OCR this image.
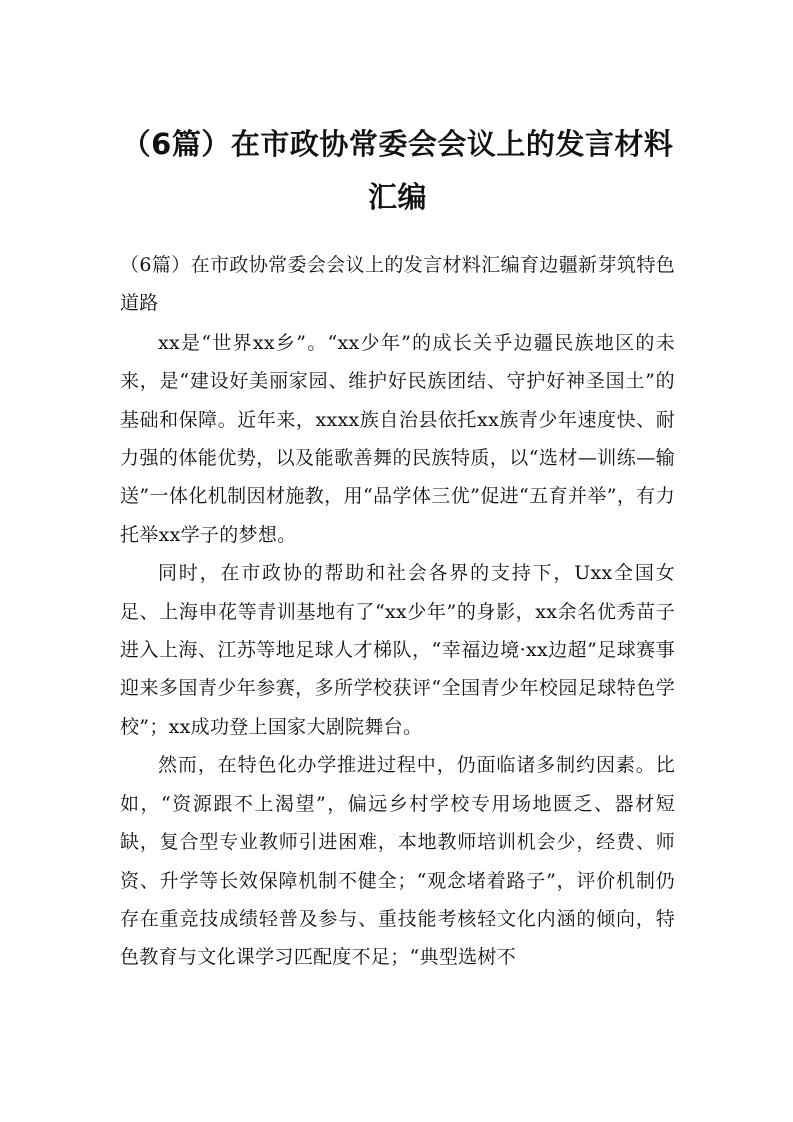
（6篇）在市政协常委会会议上的发言材料
汇编

（6篇）在市政协常委会会议上的发言材料汇编育边疆新芽筑特色道路

xx是“世界xx乡”。“xx少年”的成长关乎边疆民族地区的未来，是“建设好美丽家园、维护好民族团结、守护好神圣国土”的基础和保障。近年来，xxxx族自治县依托xx族青少年速度快、耐力强的体能优势，以及能歌善舞的民族特质，以“选材—训练—输送”一体化机制因材施教，用“品学体三优”促进“五育并举”，有力托举xx学子的梦想。

同时，在市政协的帮助和社会各界的支持下，Uxx全国女足、上海申花等青训基地有了“xx少年”的身影，xx余名优秀苗子进入上海、江苏等地足球人才梯队，“幸福边境·xx边超”足球赛事迎来多国青少年参赛，多所学校获评“全国青少年校园足球特色学校”；xx成功登上国家大剧院舞台。

然而，在特色化办学推进过程中，仍面临诸多制约因素。比如，“资源跟不上渴望”，偏远乡村学校专用场地匮乏、器材短缺，复合型专业教师引进困难，本地教师培训机会少，经费、师资、升学等长效保障机制不健全；“观念堵着路子”，评价机制仍存在重竞技成绩轻普及参与、重技能考核轻文化内涵的倾向，特色教育与文化课学习匹配度不足；“典型选树不
